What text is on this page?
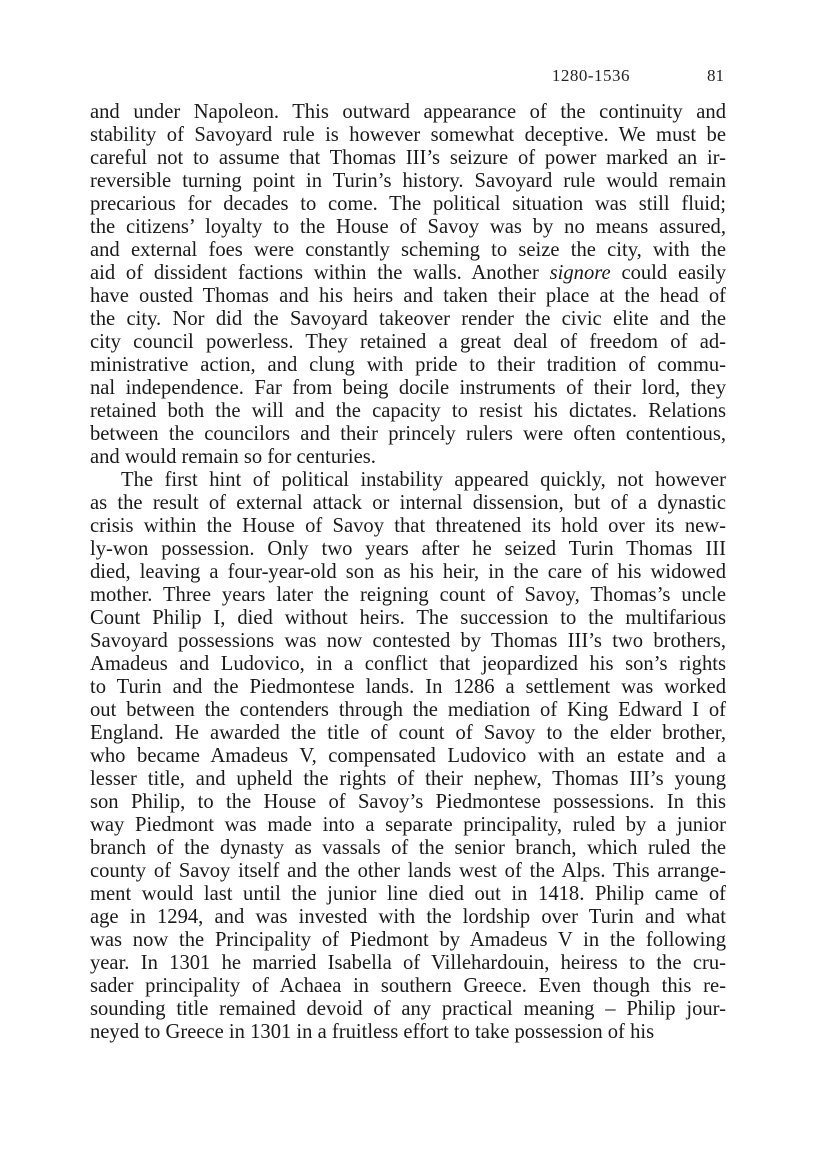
1280-1536	81
and under Napoleon. This outward appearance of the continuity and
stability of Savoyard rule is however somewhat deceptive. We must be
careful not to assume that Thomas III’s seizure of power marked an ir-
reversible turning point in Turin’s history. Savoyard rule would remain
precarious for decades to come. The political situation was still fluid;
the citizens’ loyalty to the House of Savoy was by no means assured,
and external foes were constantly scheming to seize the city, with the
aid of dissident factions within the walls. Another signore could easily
have ousted Thomas and his heirs and taken their place at the head of
the city. Nor did the Savoyard takeover render the civic elite and the
city council powerless. They retained a great deal of freedom of ad-
ministrative action, and clung with pride to their tradition of commu-
nal independence. Far from being docile instruments of their lord, they
retained both the will and the capacity to resist his dictates. Relations
between the councilors and their princely rulers were often contentious,
and would remain so for centuries.
The first hint of political instability appeared quickly, not however
as the result of external attack or internal dissension, but of a dynastic
crisis within the House of Savoy that threatened its hold over its new-
ly-won possession. Only two years after he seized Turin Thomas III
died, leaving a four-year-old son as his heir, in the care of his widowed
mother. Three years later the reigning count of Savoy, Thomas’s uncle
Count Philip I, died without heirs. The succession to the multifarious
Savoyard possessions was now contested by Thomas III’s two brothers,
Amadeus and Ludovico, in a conflict that jeopardized his son’s rights
to Turin and the Piedmontese lands. In 1286 a settlement was worked
out between the contenders through the mediation of King Edward I of
England. He awarded the title of count of Savoy to the elder brother,
who became Amadeus V, compensated Ludovico with an estate and a
lesser title, and upheld the rights of their nephew, Thomas III’s young
son Philip, to the House of Savoy’s Piedmontese possessions. In this
way Piedmont was made into a separate principality, ruled by a junior
branch of the dynasty as vassals of the senior branch, which ruled the
county of Savoy itself and the other lands west of the Alps. This arrange-
ment would last until the junior line died out in 1418. Philip came of
age in 1294, and was invested with the lordship over Turin and what
was now the Principality of Piedmont by Amadeus V in the following
year. In 1301 he married Isabella of Villehardouin, heiress to the cru-
sader principality of Achaea in southern Greece. Even though this re-
sounding title remained devoid of any practical meaning – Philip jour-
neyed to Greece in 1301 in a fruitless effort to take possession of his
